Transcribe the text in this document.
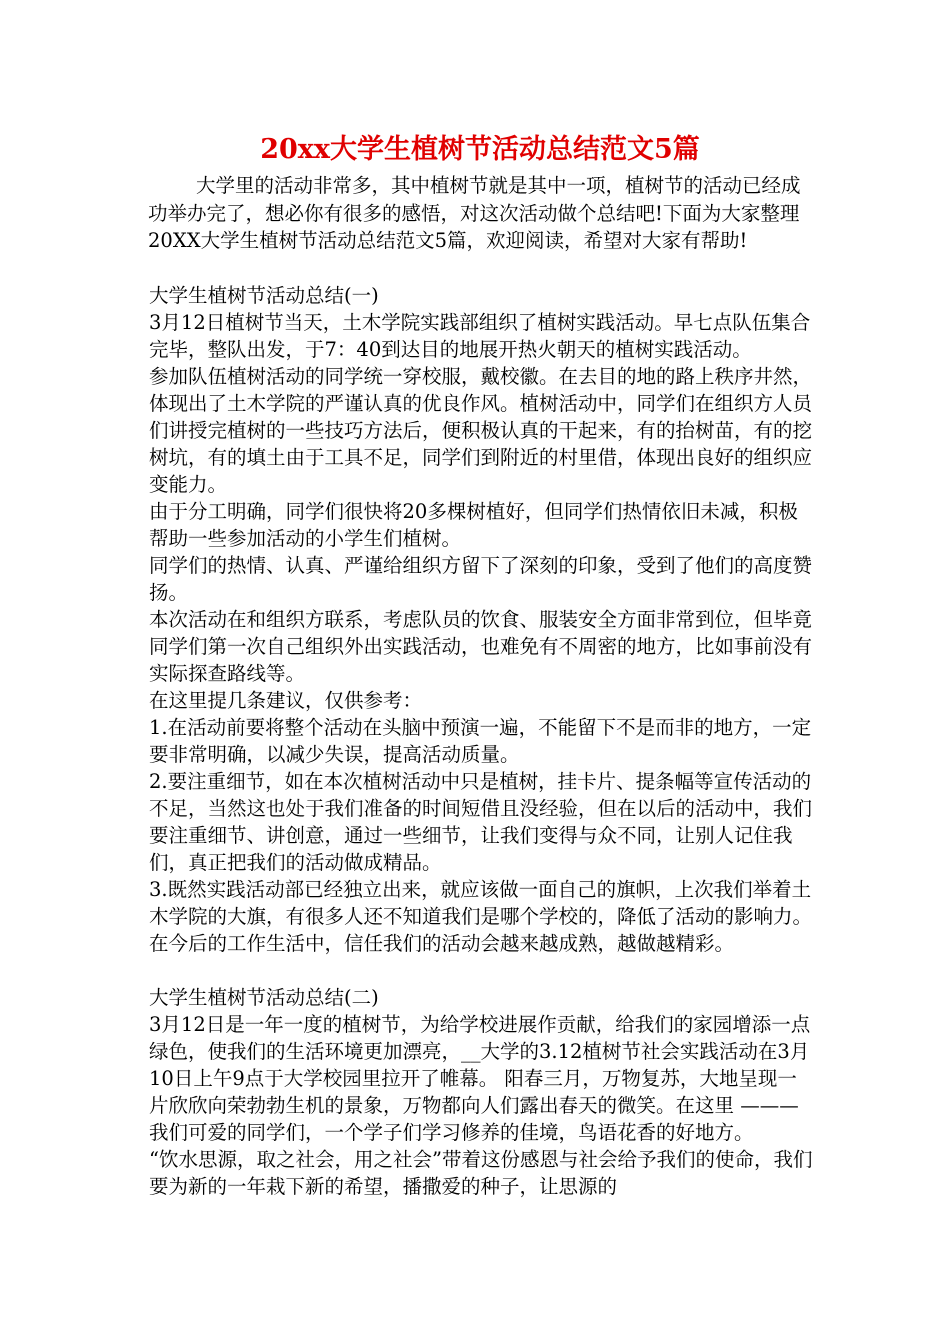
20xx大学生植树节活动总结范文5篇

大学里的活动非常多，其中植树节就是其中一项，植树节的活动已经成功举办完了，想必你有很多的感悟，对这次活动做个总结吧!下面为大家整理20XX大学生植树节活动总结范文5篇，欢迎阅读，希望对大家有帮助!

大学生植树节活动总结(一)

3月12日植树节当天，土木学院实践部组织了植树实践活动。早七点队伍集合完毕，整队出发，于7：40到达目的地展开热火朝天的植树实践活动。

参加队伍植树活动的同学统一穿校服，戴校徽。在去目的地的路上秩序井然，体现出了土木学院的严谨认真的优良作风。植树活动中，同学们在组织方人员们讲授完植树的一些技巧方法后，便积极认真的干起来，有的抬树苗，有的挖树坑，有的填土由于工具不足，同学们到附近的村里借，体现出良好的组织应变能力。

由于分工明确，同学们很快将20多棵树植好，但同学们热情依旧未减，积极帮助一些参加活动的小学生们植树。

同学们的热情、认真、严谨给组织方留下了深刻的印象，受到了他们的高度赞扬。

本次活动在和组织方联系，考虑队员的饮食、服装安全方面非常到位，但毕竟同学们第一次自己组织外出实践活动，也难免有不周密的地方，比如事前没有实际探查路线等。

在这里提几条建议，仅供参考：

1.在活动前要将整个活动在头脑中预演一遍，不能留下不是而非的地方，一定要非常明确，以减少失误，提高活动质量。

2.要注重细节，如在本次植树活动中只是植树，挂卡片、提条幅等宣传活动的不足，当然这也处于我们准备的时间短借且没经验，但在以后的活动中，我们要注重细节、讲创意，通过一些细节，让我们变得与众不同，让别人记住我们，真正把我们的活动做成精品。

3.既然实践活动部已经独立出来，就应该做一面自己的旗帜，上次我们举着土木学院的大旗，有很多人还不知道我们是哪个学校的，降低了活动的影响力。

在今后的工作生活中，信任我们的活动会越来越成熟，越做越精彩。

大学生植树节活动总结(二)

3月12日是一年一度的植树节，为给学校进展作贡献，给我们的家园增添一点绿色，使我们的生活环境更加漂亮，__大学的3.12植树节社会实践活动在3月10日上午9点于大学校园里拉开了帷幕。 阳春三月，万物复苏，大地呈现一片欣欣向荣勃勃生机的景象，万物都向人们露出春天的微笑。在这里 ———我们可爱的同学们，一个学子们学习修养的佳境，鸟语花香的好地方。

“饮水思源，取之社会，用之社会”带着这份感恩与社会给予我们的使命，我们要为新的一年栽下新的希望，播撒爱的种子，让思源的
